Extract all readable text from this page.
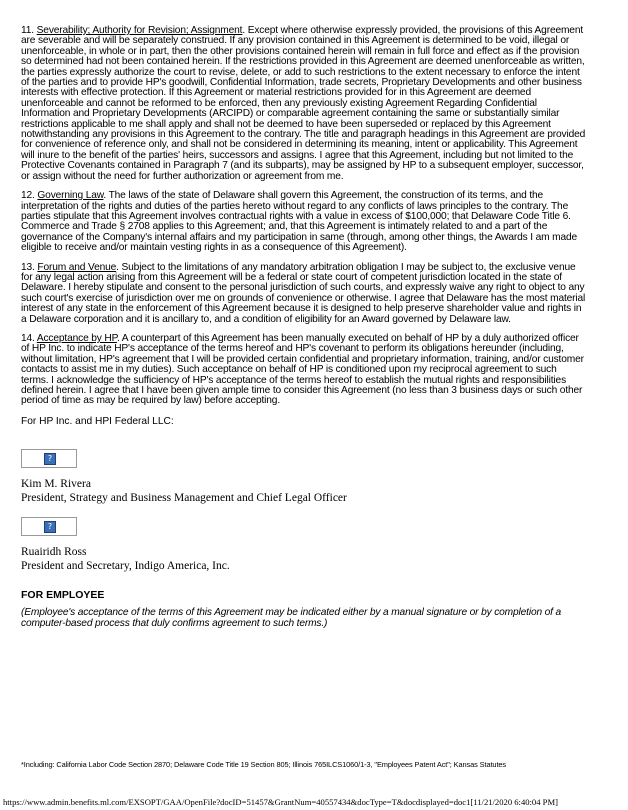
11. Severability; Authority for Revision; Assignment. Except where otherwise expressly provided, the provisions of this Agreement are severable and will be separately construed. If any provision contained in this Agreement is determined to be void, illegal or unenforceable, in whole or in part, then the other provisions contained herein will remain in full force and effect as if the provision so determined had not been contained herein. If the restrictions provided in this Agreement are deemed unenforceable as written, the parties expressly authorize the court to revise, delete, or add to such restrictions to the extent necessary to enforce the intent of the parties and to provide HP's goodwill, Confidential Information, trade secrets, Proprietary Developments and other business interests with effective protection. If this Agreement or material restrictions provided for in this Agreement are deemed unenforceable and cannot be reformed to be enforced, then any previously existing Agreement Regarding Confidential Information and Proprietary Developments (ARCIPD) or comparable agreement containing the same or substantially similar restrictions applicable to me shall apply and shall not be deemed to have been superseded or replaced by this Agreement notwithstanding any provisions in this Agreement to the contrary. The title and paragraph headings in this Agreement are provided for convenience of reference only, and shall not be considered in determining its meaning, intent or applicability. This Agreement will inure to the benefit of the parties' heirs, successors and assigns. I agree that this Agreement, including but not limited to the Protective Covenants contained in Paragraph 7 (and its subparts), may be assigned by HP to a subsequent employer, successor, or assign without the need for further authorization or agreement from me.

12. Governing Law. The laws of the state of Delaware shall govern this Agreement, the construction of its terms, and the interpretation of the rights and duties of the parties hereto without regard to any conflicts of laws principles to the contrary. The parties stipulate that this Agreement involves contractual rights with a value in excess of $100,000; that Delaware Code Title 6. Commerce and Trade § 2708 applies to this Agreement; and, that this Agreement is intimately related to and a part of the governance of the Company's internal affairs and my participation in same (through, among other things, the Awards I am made eligible to receive and/or maintain vesting rights in as a consequence of this Agreement).

13. Forum and Venue. Subject to the limitations of any mandatory arbitration obligation I may be subject to, the exclusive venue for any legal action arising from this Agreement will be a federal or state court of competent jurisdiction located in the state of Delaware. I hereby stipulate and consent to the personal jurisdiction of such courts, and expressly waive any right to object to any such court's exercise of jurisdiction over me on grounds of convenience or otherwise. I agree that Delaware has the most material interest of any state in the enforcement of this Agreement because it is designed to help preserve shareholder value and rights in a Delaware corporation and it is ancillary to, and a condition of eligibility for an Award governed by Delaware law.

14. Acceptance by HP. A counterpart of this Agreement has been manually executed on behalf of HP by a duly authorized officer of HP Inc. to indicate HP's acceptance of the terms hereof and HP's covenant to perform its obligations hereunder (including, without limitation, HP's agreement that I will be provided certain confidential and proprietary information, training, and/or customer contacts to assist me in my duties). Such acceptance on behalf of HP is conditioned upon my reciprocal agreement to such terms. I acknowledge the sufficiency of HP's acceptance of the terms hereof to establish the mutual rights and responsibilities defined herein. I agree that I have been given ample time to consider this Agreement (no less than 3 business days or such other period of time as may be required by law) before accepting.

For HP Inc. and HPI Federal LLC:

?

Kim M. Rivera

President, Strategy and Business Management and Chief Legal Officer

?

Ruairidh Ross

President and Secretary, Indigo America, Inc.

FOR EMPLOYEE

(Employee's acceptance of the terms of this Agreement may be indicated either by a manual signature or by completion of a computer-based process that duly confirms agreement to such terms.)

*Including: California Labor Code Section 2870; Delaware Code Title 19 Section 805; Illinois 765ILCS1060/1-3, "Employees Patent Act"; Kansas Statutes
https://www.admin.benefits.ml.com/EXSOPT/GAA/OpenFile?docID=51457&GrantNum=40557434&docType=T&docdisplayed=doc1[11/21/2020 6:40:04 PM]
